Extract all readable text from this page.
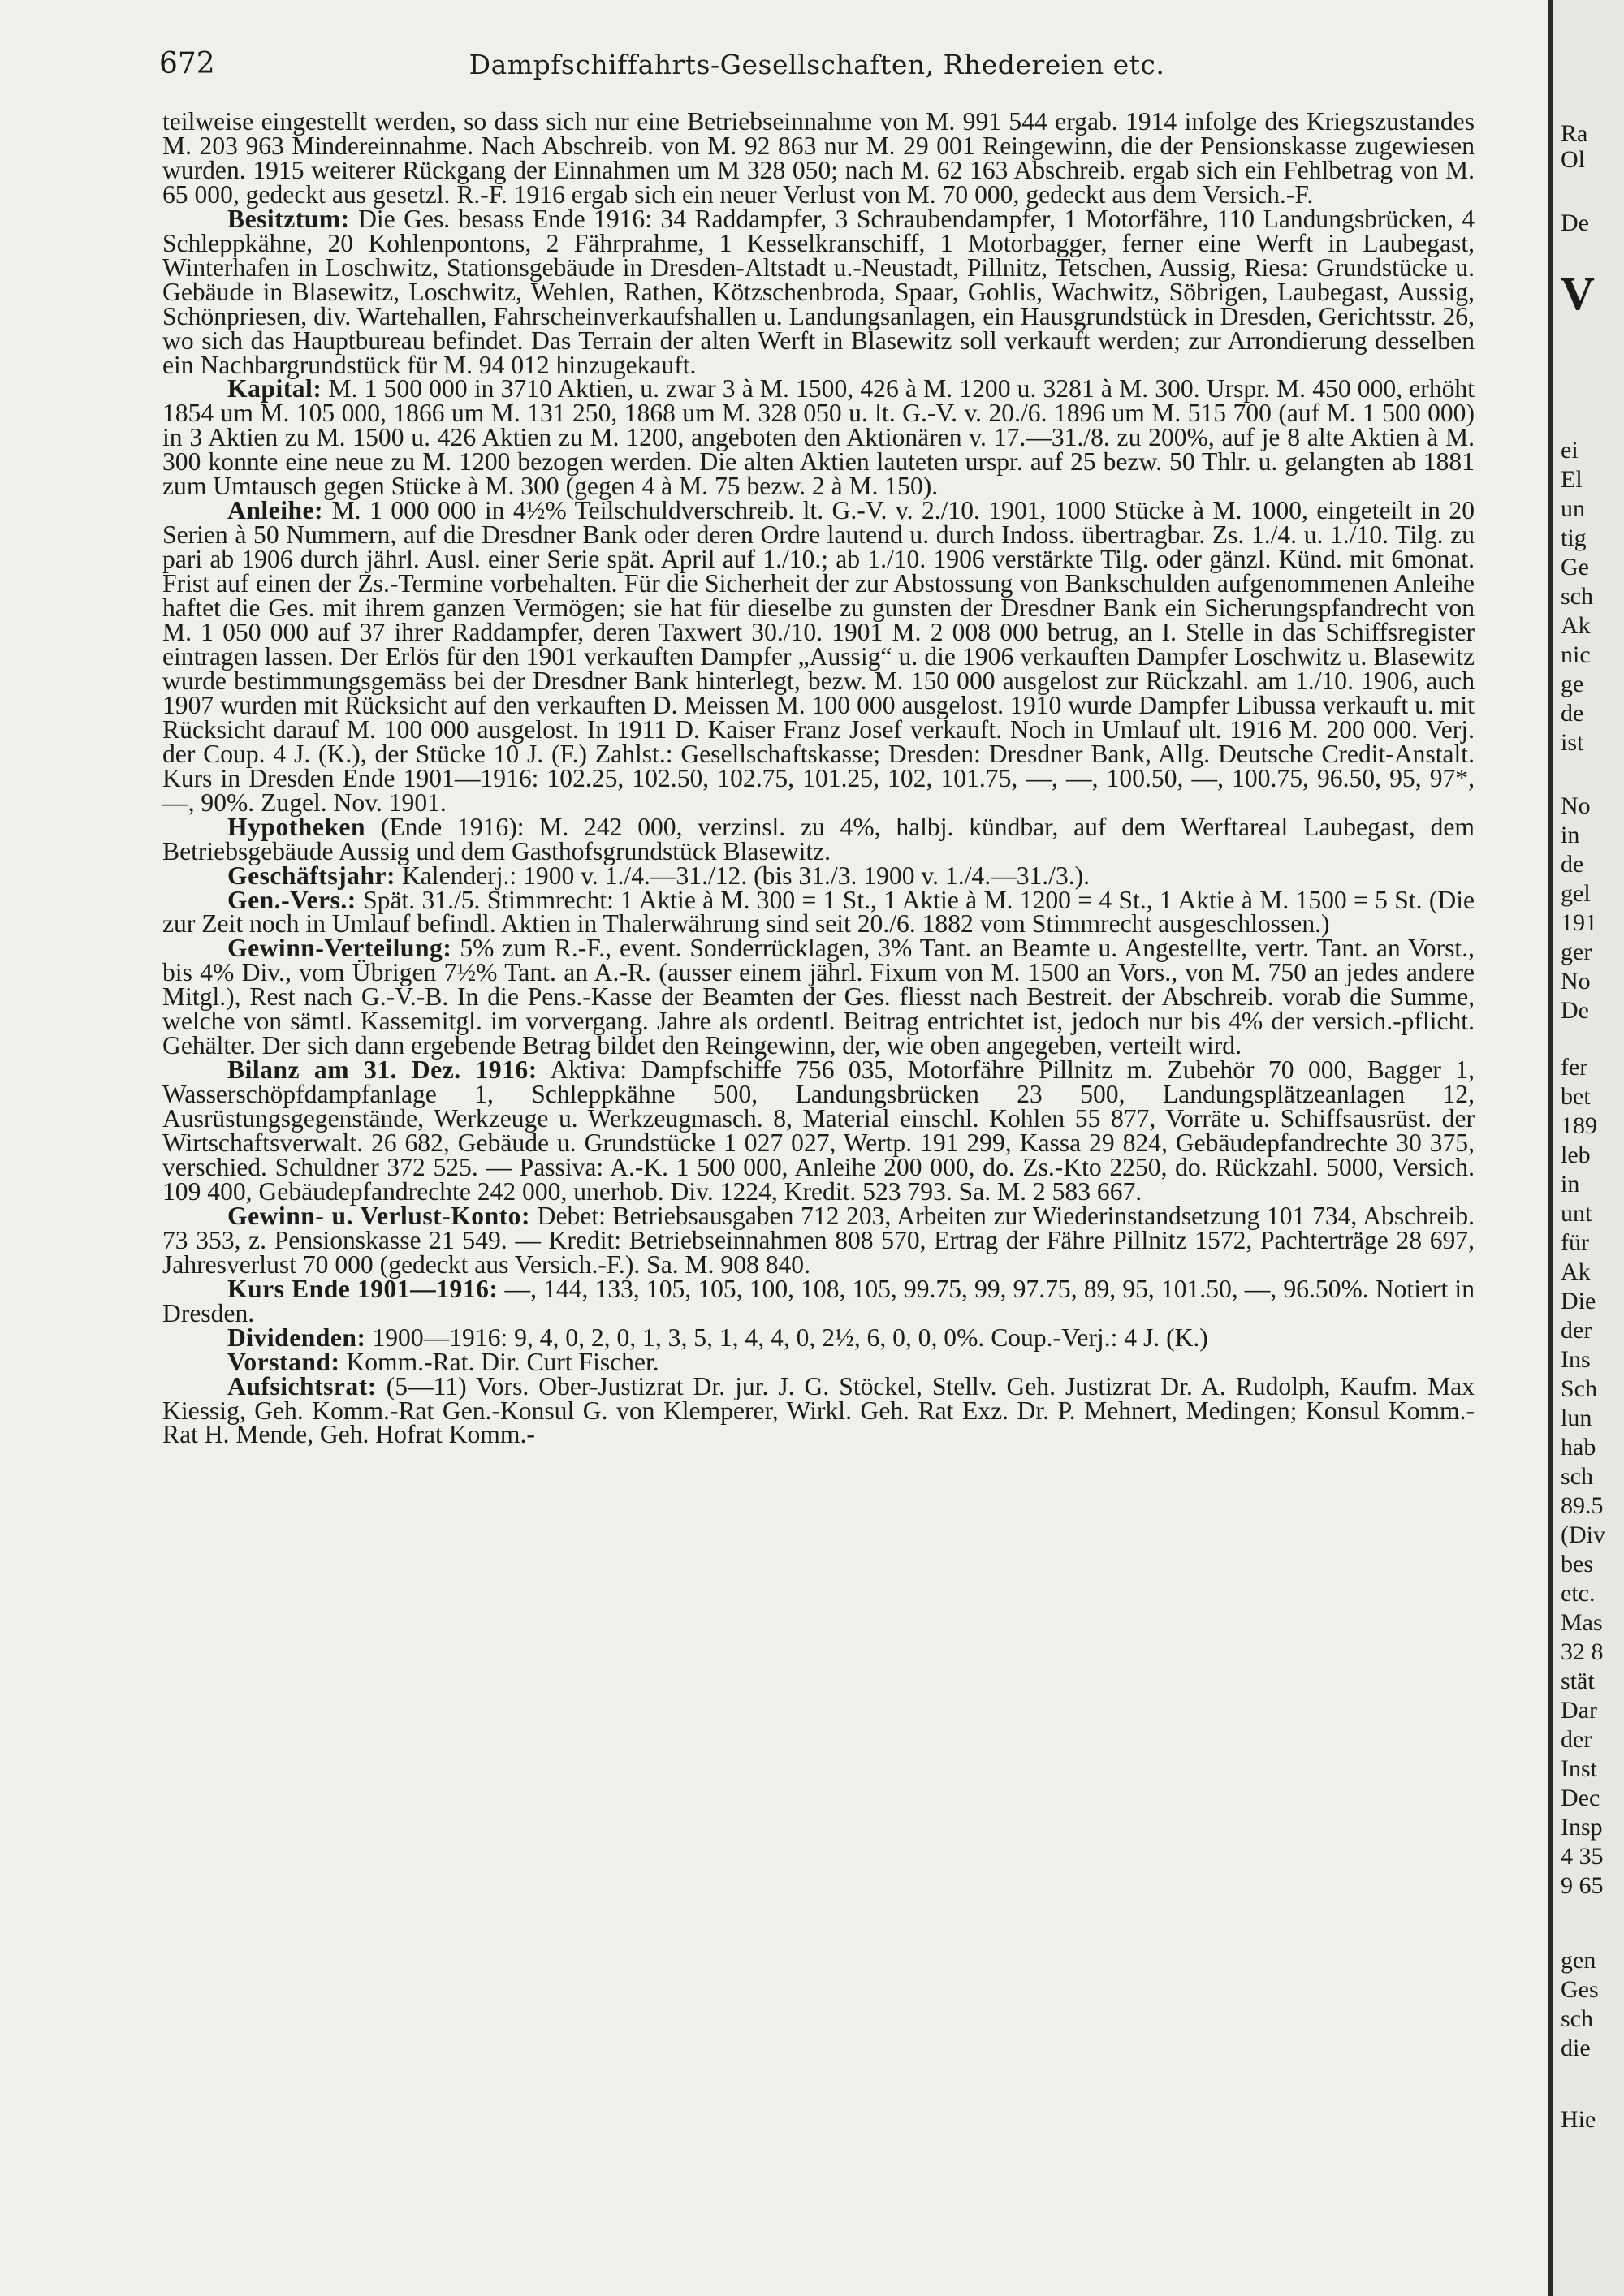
672	Dampfschiffahrts-Gesellschaften, Rhedereien etc.

teilweise eingestellt werden, so dass sich nur eine Betriebseinnahme von M. 991 544 ergab. 1914 infolge des Kriegszustandes M. 203 963 Mindereinnahme. Nach Abschreib. von M. 92 863 nur M. 29 001 Reingewinn, die der Pensionskasse zugewiesen wurden. 1915 weiterer Rückgang der Einnahmen um M 328 050; nach M. 62 163 Abschreib. ergab sich ein Fehlbetrag von M. 65 000, gedeckt aus gesetzl. R.-F. 1916 ergab sich ein neuer Verlust von M. 70 000, gedeckt aus dem Versich.-F.

Besitztum: Die Ges. besass Ende 1916: 34 Raddampfer, 3 Schraubendampfer, 1 Motorfähre, 110 Landungsbrücken, 4 Schleppkähne, 20 Kohlenpontons, 2 Fährprahme, 1 Kesselkranschiff, 1 Motorbagger, ferner eine Werft in Laubegast, Winterhafen in Loschwitz, Stationsgebäude in Dresden-Altstadt u.-Neustadt, Pillnitz, Tetschen, Aussig, Riesa: Grundstücke u. Gebäude in Blasewitz, Loschwitz, Wehlen, Rathen, Kötzschenbroda, Spaar, Gohlis, Wachwitz, Söbrigen, Laubegast, Aussig, Schönpriesen, div. Wartehallen, Fahrscheinverkaufshallen u. Landungsanlagen, ein Hausgrundstück in Dresden, Gerichtsstr. 26, wo sich das Hauptbureau befindet. Das Terrain der alten Werft in Blasewitz soll verkauft werden; zur Arrondierung desselben ein Nachbargrundstück für M. 94 012 hinzugekauft.

Kapital: M. 1 500 000 in 3710 Aktien, u. zwar 3 à M. 1500, 426 à M. 1200 u. 3281 à M. 300. Urspr. M. 450 000, erhöht 1854 um M. 105 000, 1866 um M. 131 250, 1868 um M. 328 050 u. lt. G.-V. v. 20./6. 1896 um M. 515 700 (auf M. 1 500 000) in 3 Aktien zu M. 1500 u. 426 Aktien zu M. 1200, angeboten den Aktionären v. 17.—31./8. zu 200%, auf je 8 alte Aktien à M. 300 konnte eine neue zu M. 1200 bezogen werden. Die alten Aktien lauteten urspr. auf 25 bezw. 50 Thlr. u. gelangten ab 1881 zum Umtausch gegen Stücke à M. 300 (gegen 4 à M. 75 bezw. 2 à M. 150).

Anleihe: M. 1 000 000 in 4½% Teilschuldverschreib. lt. G.-V. v. 2./10. 1901, 1000 Stücke à M. 1000, eingeteilt in 20 Serien à 50 Nummern, auf die Dresdner Bank oder deren Ordre lautend u. durch Indoss. übertragbar. Zs. 1./4. u. 1./10. Tilg. zu pari ab 1906 durch jährl. Ausl. einer Serie spät. April auf 1./10.; ab 1./10. 1906 verstärkte Tilg. oder gänzl. Künd. mit 6monat. Frist auf einen der Zs.-Termine vorbehalten. Für die Sicherheit der zur Abstossung von Bankschulden aufgenommenen Anleihe haftet die Ges. mit ihrem ganzen Vermögen; sie hat für dieselbe zu gunsten der Dresdner Bank ein Sicherungspfandrecht von M. 1 050 000 auf 37 ihrer Raddampfer, deren Taxwert 30./10. 1901 M. 2 008 000 betrug, an I. Stelle in das Schiffsregister eintragen lassen. Der Erlös für den 1901 verkauften Dampfer „Aussig“ u. die 1906 verkauften Dampfer Loschwitz u. Blasewitz wurde bestimmungsgemäss bei der Dresdner Bank hinterlegt, bezw. M. 150 000 ausgelost zur Rückzahl. am 1./10. 1906, auch 1907 wurden mit Rücksicht auf den verkauften D. Meissen M. 100 000 ausgelost. 1910 wurde Dampfer Libussa verkauft u. mit Rücksicht darauf M. 100 000 ausgelost. In 1911 D. Kaiser Franz Josef verkauft. Noch in Umlauf ult. 1916 M. 200 000. Verj. der Coup. 4 J. (K.), der Stücke 10 J. (F.) Zahlst.: Gesellschaftskasse; Dresden: Dresdner Bank, Allg. Deutsche Credit-Anstalt. Kurs in Dresden Ende 1901—1916: 102.25, 102.50, 102.75, 101.25, 102, 101.75, —, —, 100.50, —, 100.75, 96.50, 95, 97*, —, 90%. Zugel. Nov. 1901.

Hypotheken (Ende 1916): M. 242 000, verzinsl. zu 4%, halbj. kündbar, auf dem Werftareal Laubegast, dem Betriebsgebäude Aussig und dem Gasthofsgrundstück Blasewitz.

Geschäftsjahr: Kalenderj.: 1900 v. 1./4.—31./12. (bis 31./3. 1900 v. 1./4.—31./3.).

Gen.-Vers.: Spät. 31./5. Stimmrecht: 1 Aktie à M. 300 = 1 St., 1 Aktie à M. 1200 = 4 St., 1 Aktie à M. 1500 = 5 St. (Die zur Zeit noch in Umlauf befindl. Aktien in Thalerwährung sind seit 20./6. 1882 vom Stimmrecht ausgeschlossen.)

Gewinn-Verteilung: 5% zum R.-F., event. Sonderrücklagen, 3% Tant. an Beamte u. Angestellte, vertr. Tant. an Vorst., bis 4% Div., vom Übrigen 7½% Tant. an A.-R. (ausser einem jährl. Fixum von M. 1500 an Vors., von M. 750 an jedes andere Mitgl.), Rest nach G.-V.-B. In die Pens.-Kasse der Beamten der Ges. fliesst nach Bestreit. der Abschreib. vorab die Summe, welche von sämtl. Kassemitgl. im vorvergang. Jahre als ordentl. Beitrag entrichtet ist, jedoch nur bis 4% der versich.-pflicht. Gehälter. Der sich dann ergebende Betrag bildet den Reingewinn, der, wie oben angegeben, verteilt wird.

Bilanz am 31. Dez. 1916: Aktiva: Dampfschiffe 756 035, Motorfähre Pillnitz m. Zubehör 70 000, Bagger 1, Wasserschöpfdampfanlage 1, Schleppkähne 500, Landungsbrücken 23 500, Landungsplätzeanlagen 12, Ausrüstungsgegenstände, Werkzeuge u. Werkzeugmasch. 8, Material einschl. Kohlen 55 877, Vorräte u. Schiffsausrüst. der Wirtschaftsverwalt. 26 682, Gebäude u. Grundstücke 1 027 027, Wertp. 191 299, Kassa 29 824, Gebäudepfandrechte 30 375, verschied. Schuldner 372 525. — Passiva: A.-K. 1 500 000, Anleihe 200 000, do. Zs.-Kto 2250, do. Rückzahl. 5000, Versich. 109 400, Gebäudepfandrechte 242 000, unerhob. Div. 1224, Kredit. 523 793. Sa. M. 2 583 667.

Gewinn- u. Verlust-Konto: Debet: Betriebsausgaben 712 203, Arbeiten zur Wiederinstandsetzung 101 734, Abschreib. 73 353, z. Pensionskasse 21 549. — Kredit: Betriebseinnahmen 808 570, Ertrag der Fähre Pillnitz 1572, Pachterträge 28 697, Jahresverlust 70 000 (gedeckt aus Versich.-F.). Sa. M. 908 840.

Kurs Ende 1901—1916: —, 144, 133, 105, 105, 100, 108, 105, 99.75, 99, 97.75, 89, 95, 101.50, —, 96.50%. Notiert in Dresden.

Dividenden: 1900—1916: 9, 4, 0, 2, 0, 1, 3, 5, 1, 4, 4, 0, 2½, 6, 0, 0, 0%. Coup.-Verj.: 4 J. (K.)

Vorstand: Komm.-Rat. Dir. Curt Fischer.

Aufsichtsrat: (5—11) Vors. Ober-Justizrat Dr. jur. J. G. Stöckel, Stellv. Geh. Justizrat Dr. A. Rudolph, Kaufm. Max Kiessig, Geh. Komm.-Rat Gen.-Konsul G. von Klemperer, Wirkl. Geh. Rat Exz. Dr. P. Mehnert, Medingen; Konsul Komm.-Rat H. Mende, Geh. Hofrat Komm.-

Ra
Ol
De
V
ei
El
un
tig
Ge
sch
Ak
nic
ge
de
ist
No
in
de
gel
191
ger
No
De
fer
bet
189
leb
in
unt
für
Ak
Die
der
Ins
Sch
lun
hab
sch
89.5
(Div
bes
etc.
Mas
32 8
stät
Dar
der
Inst
Dec
Insp
4 35
9 65
gen
Ges
sch
die
Hie
